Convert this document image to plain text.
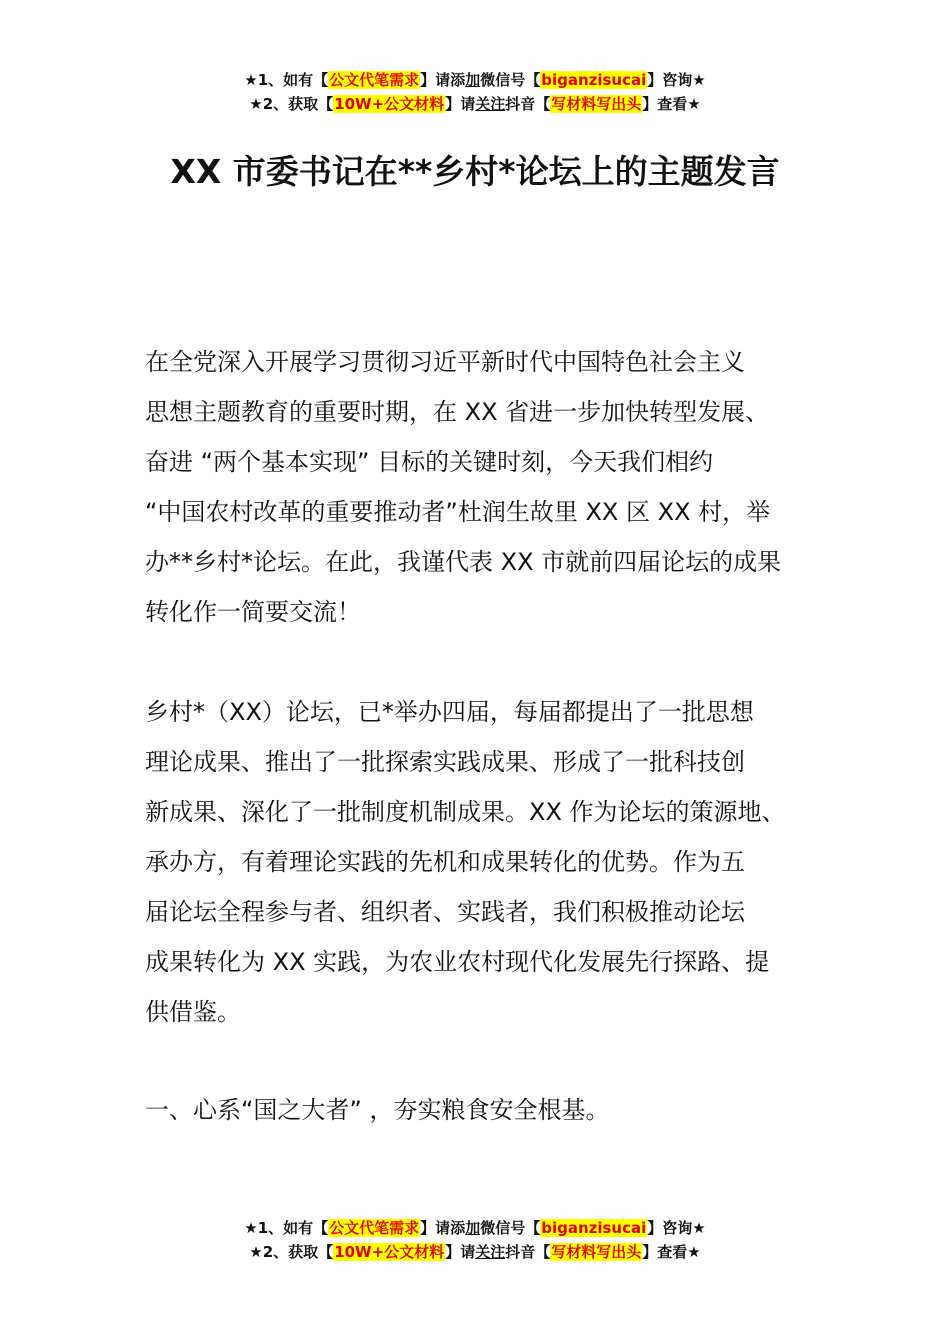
★1、如有【公文代笔需求】请添加微信号【biganzisucai】咨询★
★2、获取【10W+公文材料】请关注抖音【写材料写出头】查看★
XX 市委书记在**乡村*论坛上的主题发言
在全党深入开展学习贯彻习近平新时代中国特色社会主义
思想主题教育的重要时期，在 XX 省进一步加快转型发展、
奋进 “两个基本实现” 目标的关键时刻，今天我们相约
“中国农村改革的重要推动者”杜润生故里 XX 区 XX 村，举
办**乡村*论坛。在此，我谨代表 XX 市就前四届论坛的成果
转化作一简要交流！
乡村*（XX）论坛，已*举办四届，每届都提出了一批思想
理论成果、推出了一批探索实践成果、形成了一批科技创
新成果、深化了一批制度机制成果。XX 作为论坛的策源地、
承办方，有着理论实践的先机和成果转化的优势。作为五
届论坛全程参与者、组织者、实践者，我们积极推动论坛
成果转化为 XX 实践，为农业农村现代化发展先行探路、提
供借鉴。
一、心系“国之大者” ，夯实粮食安全根基。
★1、如有【公文代笔需求】请添加微信号【biganzisucai】咨询★
★2、获取【10W+公文材料】请关注抖音【写材料写出头】查看★
